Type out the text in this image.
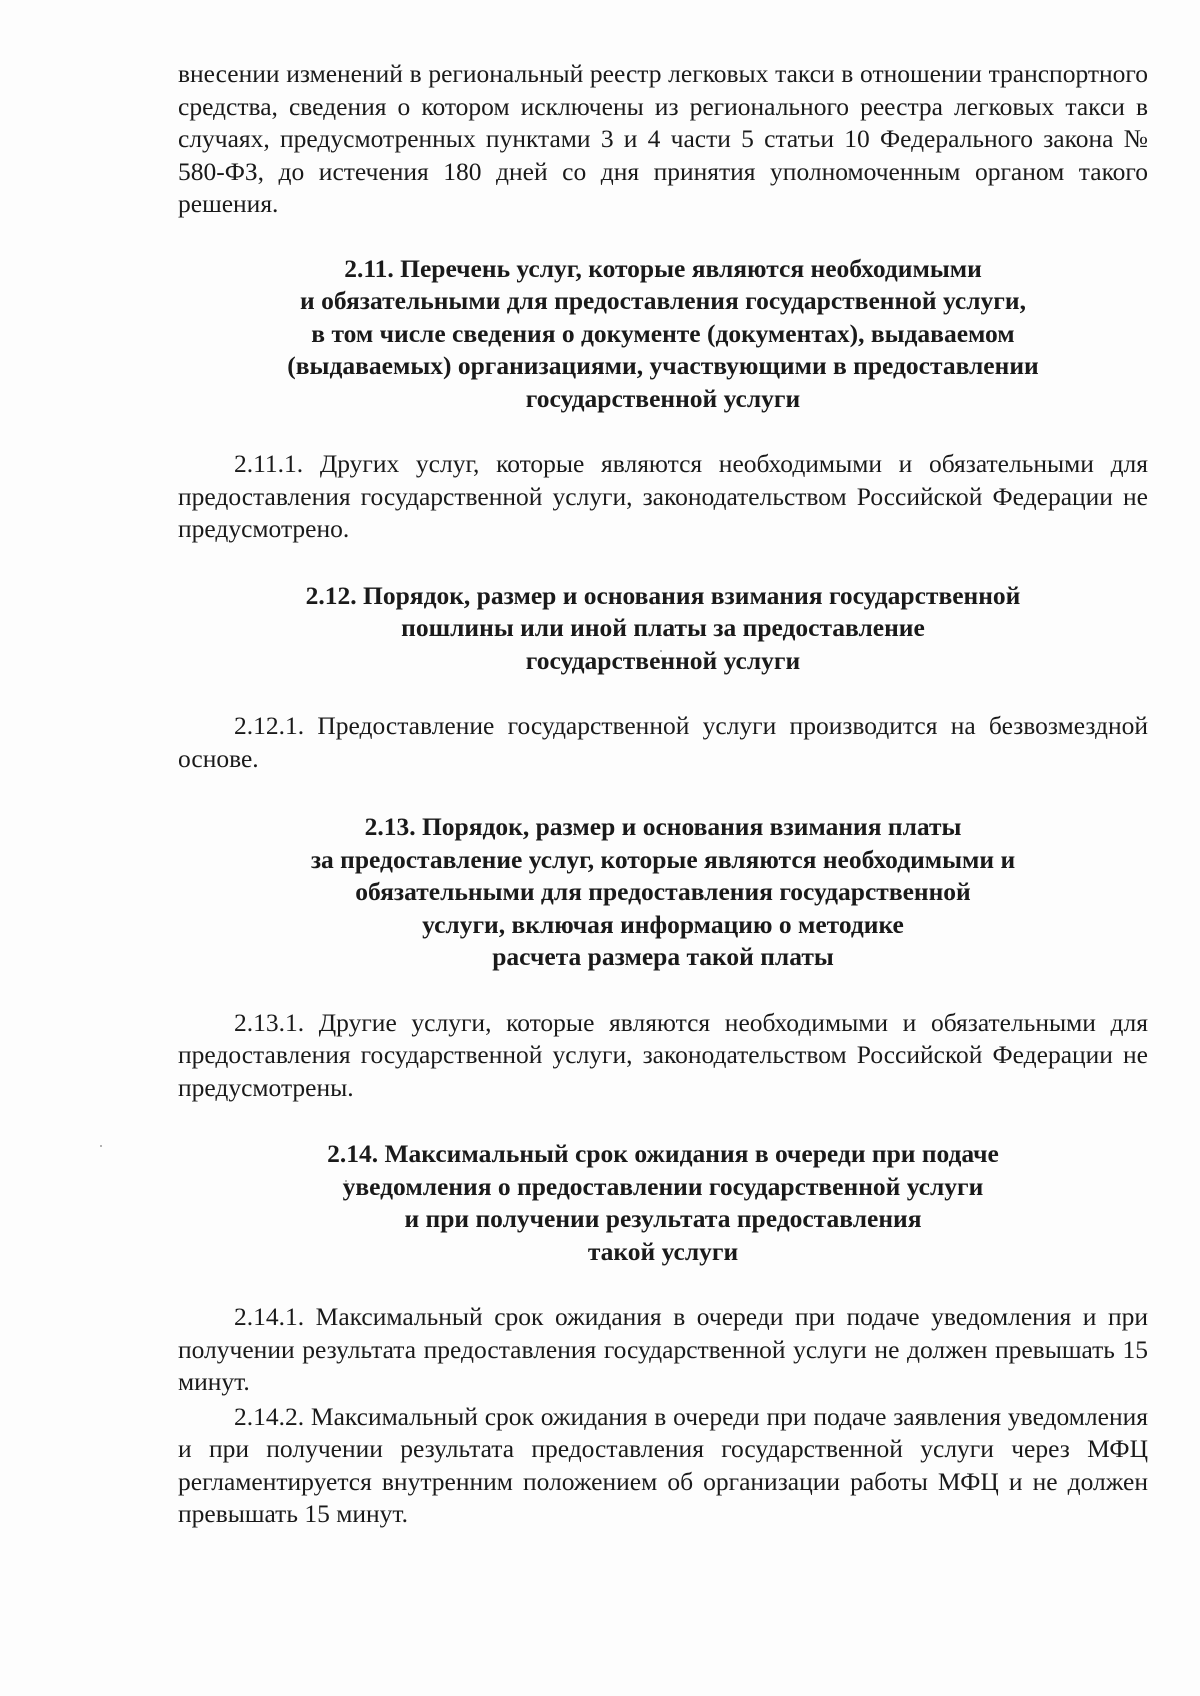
внесении изменений в региональный реестр легковых такси в отношении транспортного средства, сведения о котором исключены из регионального реестра легковых такси в случаях, предусмотренных пунктами 3 и 4 части 5 статьи 10 Федерального закона № 580-ФЗ, до истечения 180 дней со дня принятия уполномоченным органом такого решения.

2.11. Перечень услуг, которые являются необходимыми
и обязательными для предоставления государственной услуги,
в том числе сведения о документе (документах), выдаваемом
(выдаваемых) организациями, участвующими в предоставлении
государственной услуги

2.11.1. Других услуг, которые являются необходимыми и обязательными для предоставления государственной услуги, законодательством Российской Федерации не предусмотрено.

2.12. Порядок, размер и основания взимания государственной
пошлины или иной платы за предоставление
государственной услуги

2.12.1. Предоставление государственной услуги производится на безвозмездной основе.

2.13. Порядок, размер и основания взимания платы
за предоставление услуг, которые являются необходимыми и
обязательными для предоставления государственной
услуги, включая информацию о методике
расчета размера такой платы

2.13.1. Другие услуги, которые являются необходимыми и обязательными для предоставления государственной услуги, законодательством Российской Федерации не предусмотрены.

2.14. Максимальный срок ожидания в очереди при подаче
уведомления о предоставлении государственной услуги
и при получении результата предоставления
такой услуги

2.14.1. Максимальный срок ожидания в очереди при подаче уведомления и при получении результата предоставления государственной услуги не должен превышать 15 минут.

2.14.2. Максимальный срок ожидания в очереди при подаче заявления уведомления и при получении результата предоставления государственной услуги через МФЦ регламентируется внутренним положением об организации работы МФЦ и не должен превышать 15 минут.
